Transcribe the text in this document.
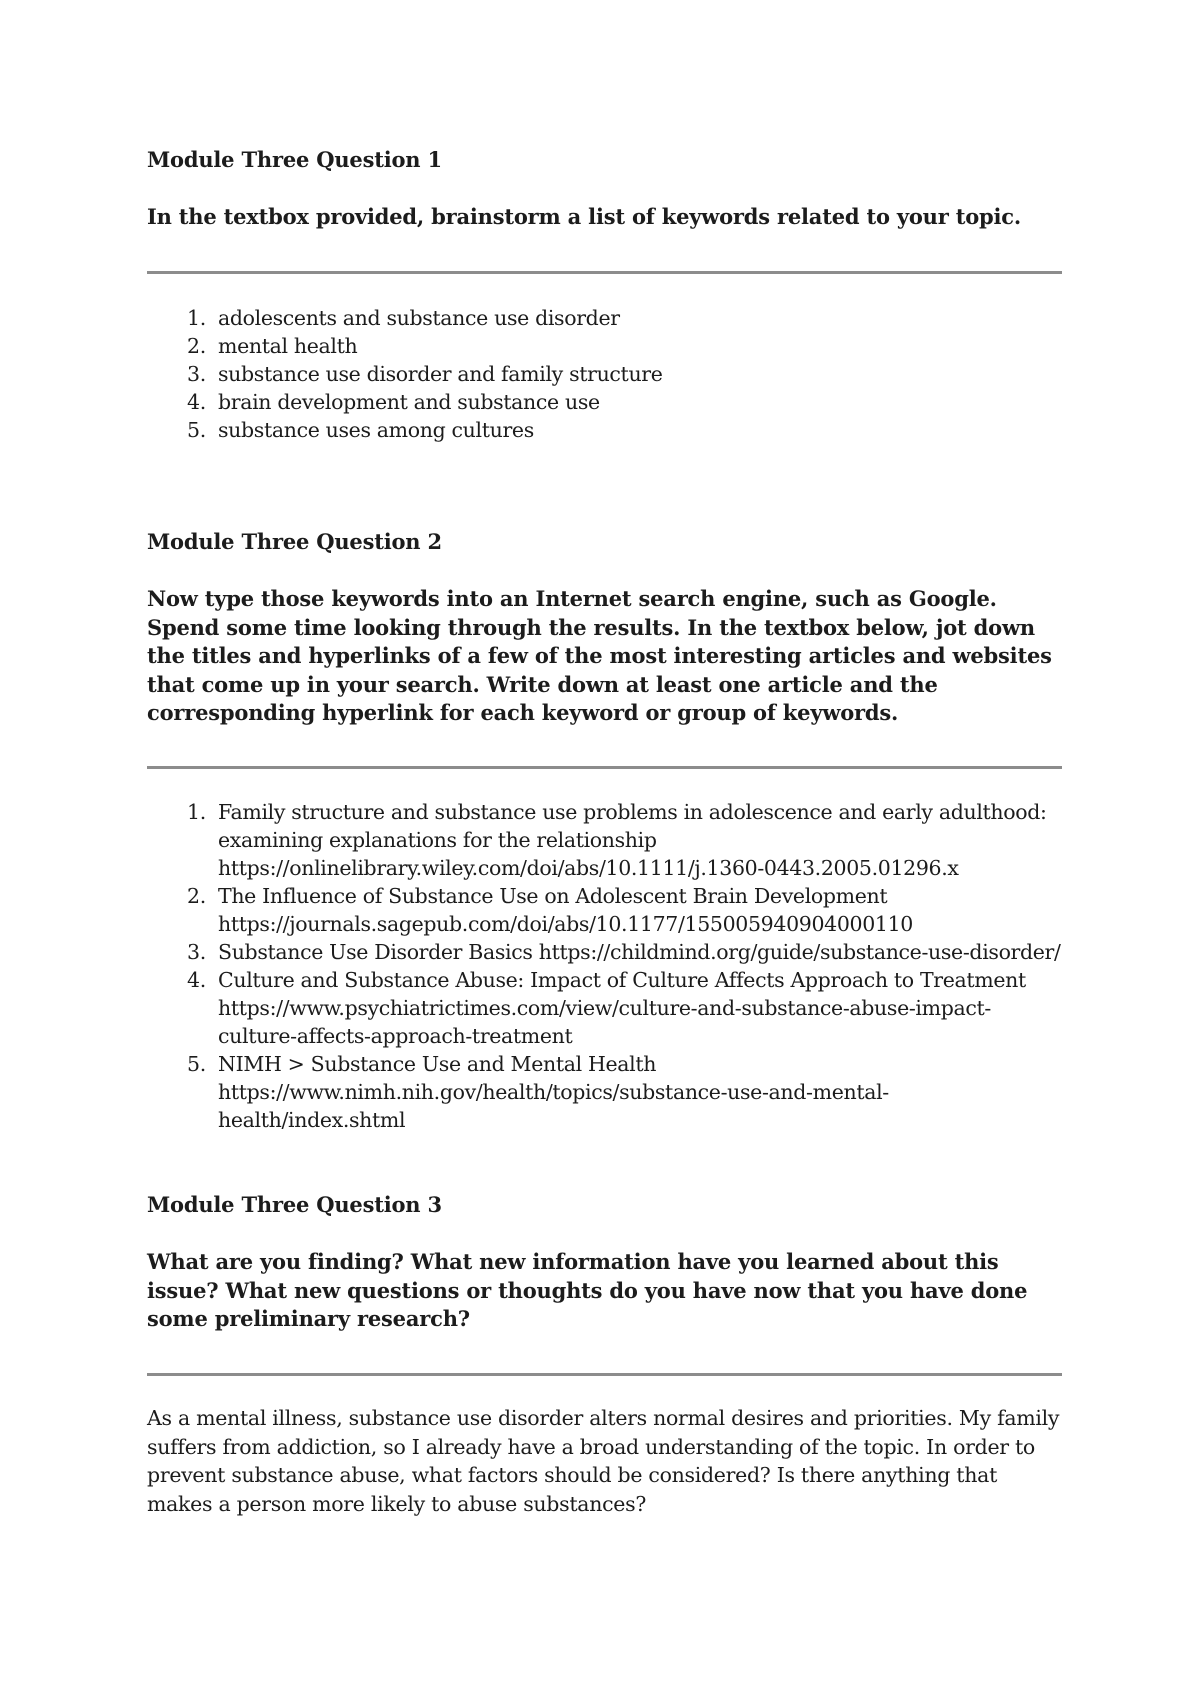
Module Three Question 1

In the textbox provided, brainstorm a list of keywords related to your topic.

1. adolescents and substance use disorder
2. mental health
3. substance use disorder and family structure
4. brain development and substance use
5. substance uses among cultures

Module Three Question 2

Now type those keywords into an Internet search engine, such as Google. Spend some time looking through the results. In the textbox below, jot down the titles and hyperlinks of a few of the most interesting articles and websites that come up in your search. Write down at least one article and the corresponding hyperlink for each keyword or group of keywords.

1. Family structure and substance use problems in adolescence and early adulthood: examining explanations for the relationship
https://onlinelibrary.wiley.com/doi/abs/10.1111/j.1360-0443.2005.01296.x
2. The Influence of Substance Use on Adolescent Brain Development
https://journals.sagepub.com/doi/abs/10.1177/155005940904000110
3. Substance Use Disorder Basics https://childmind.org/guide/substance-use-disorder/
4. Culture and Substance Abuse: Impact of Culture Affects Approach to Treatment
https://www.psychiatrictimes.com/view/culture-and-substance-abuse-impact-culture-affects-approach-treatment
5. NIMH > Substance Use and Mental Health
https://www.nimh.nih.gov/health/topics/substance-use-and-mental-health/index.shtml

Module Three Question 3

What are you finding? What new information have you learned about this issue? What new questions or thoughts do you have now that you have done some preliminary research?

As a mental illness, substance use disorder alters normal desires and priorities. My family suffers from addiction, so I already have a broad understanding of the topic. In order to prevent substance abuse, what factors should be considered? Is there anything that makes a person more likely to abuse substances?
